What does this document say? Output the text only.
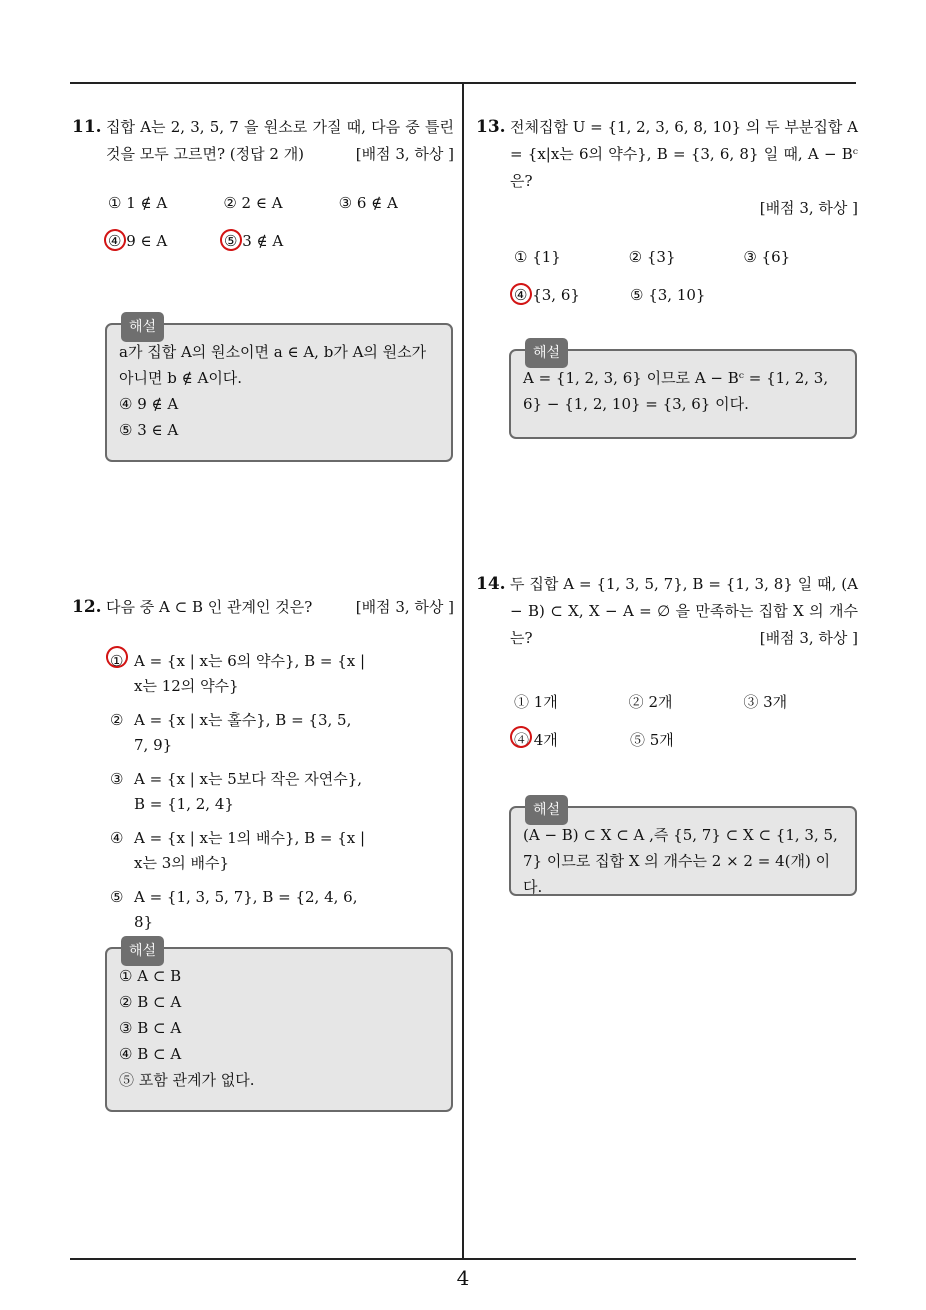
4
11. 집합 A는 2, 3, 5, 7 을 원소로 가질 때, 다음 중 틀린 것을 모두 고르면? (정답 2 개)	[배점 3, 하상 ]
① 1 ∉ A	② 2 ∈ A	③ 6 ∉ A
④ 9 ∈ A	⑤ 3 ∉ A
해설
a가 집합 A의 원소이면 a ∈ A, b가 A의 원소가 아니면 b ∉ A이다.
④ 9 ∉ A
⑤ 3 ∈ A
12. 다음 중 A ⊂ B 인 관계인 것은?	[배점 3, 하상 ]
① A = {x | x는 6의 약수}, B = {x | x는 12의 약수}
② A = {x | x는 홀수}, B = {3, 5, 7, 9}
③ A = {x | x는 5보다 작은 자연수}, B = {1, 2, 4}
④ A = {x | x는 1의 배수}, B = {x | x는 3의 배수}
⑤ A = {1, 3, 5, 7}, B = {2, 4, 6, 8}
해설
① A ⊂ B
② B ⊂ A
③ B ⊂ A
④ B ⊂ A
⑤ 포함 관계가 없다.
13. 전체집합 U = {1, 2, 3, 6, 8, 10} 의 두 부분집합 A = {x|x는 6의 약수}, B = {3, 6, 8} 일 때, A − Bᶜ 은?
[배점 3, 하상 ]
① {1}	② {3}	③ {6}
④ {3, 6}	⑤ {3, 10}
해설
A = {1, 2, 3, 6} 이므로 A − Bᶜ = {1, 2, 3, 6} − {1, 2, 10} = {3, 6} 이다.
14. 두 집합 A = {1, 3, 5, 7}, B = {1, 3, 8} 일 때, (A − B) ⊂ X, X − A = ∅ 을 만족하는 집합 X 의 개수는?	[배점 3, 하상 ]
① 1개	② 2개	③ 3개
④ 4개	⑤ 5개
해설
(A − B) ⊂ X ⊂ A ,즉 {5, 7} ⊂ X ⊂ {1, 3, 5, 7} 이므로 집합 X 의 개수는 2 × 2 = 4(개) 이다.
